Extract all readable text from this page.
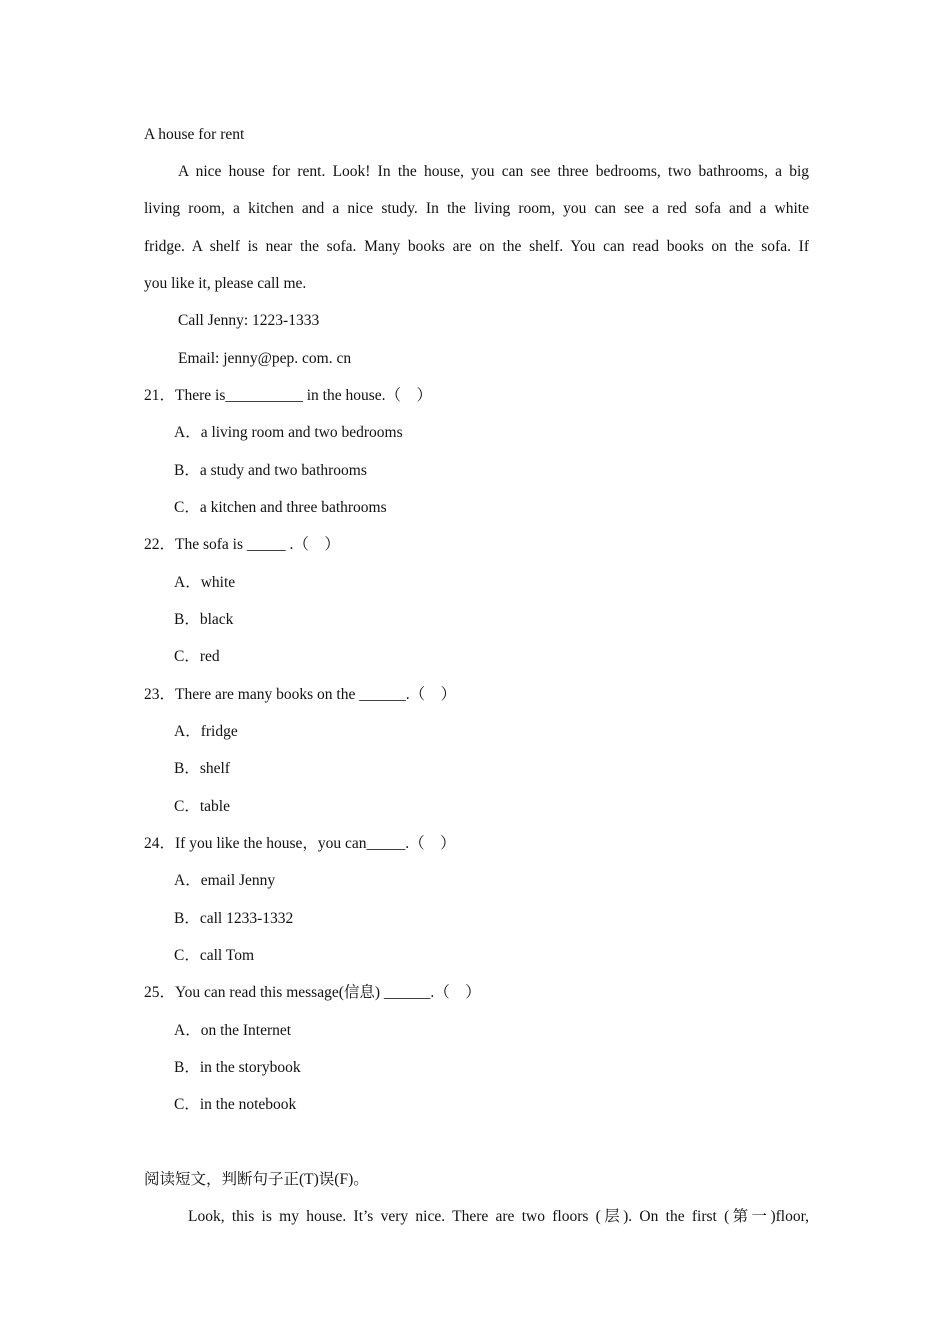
A house for rent
A nice house for rent. Look! In the house, you can see three bedrooms, two bathrooms, a big
living room, a kitchen and a nice study. In the living room, you can see a red sofa and a white
fridge. A shelf is near the sofa. Many books are on the shelf. You can read books on the sofa. If
you like it, please call me.
Call Jenny: 1223-1333
Email: jenny@pep. com. cn
21．There is__________ in the house.（　）
A．a living room and two bedrooms
B．a study and two bathrooms
C．a kitchen and three bathrooms
22．The sofa is _____ .（　）
A．white
B．black
C．red
23．There are many books on the ______.（　）
A．fridge
B．shelf
C．table
24．If you like the house，you can_____.（　）
A．email Jenny
B．call 1233-1332
C．call Tom
25．You can read this message(信息) ______.（　）
A．on the Internet
B．in the storybook
C．in the notebook
阅读短文，判断句子正(T)误(F)。
Look, this is my house. It’s very nice. There are two floors (层). On the first (第一)floor,
